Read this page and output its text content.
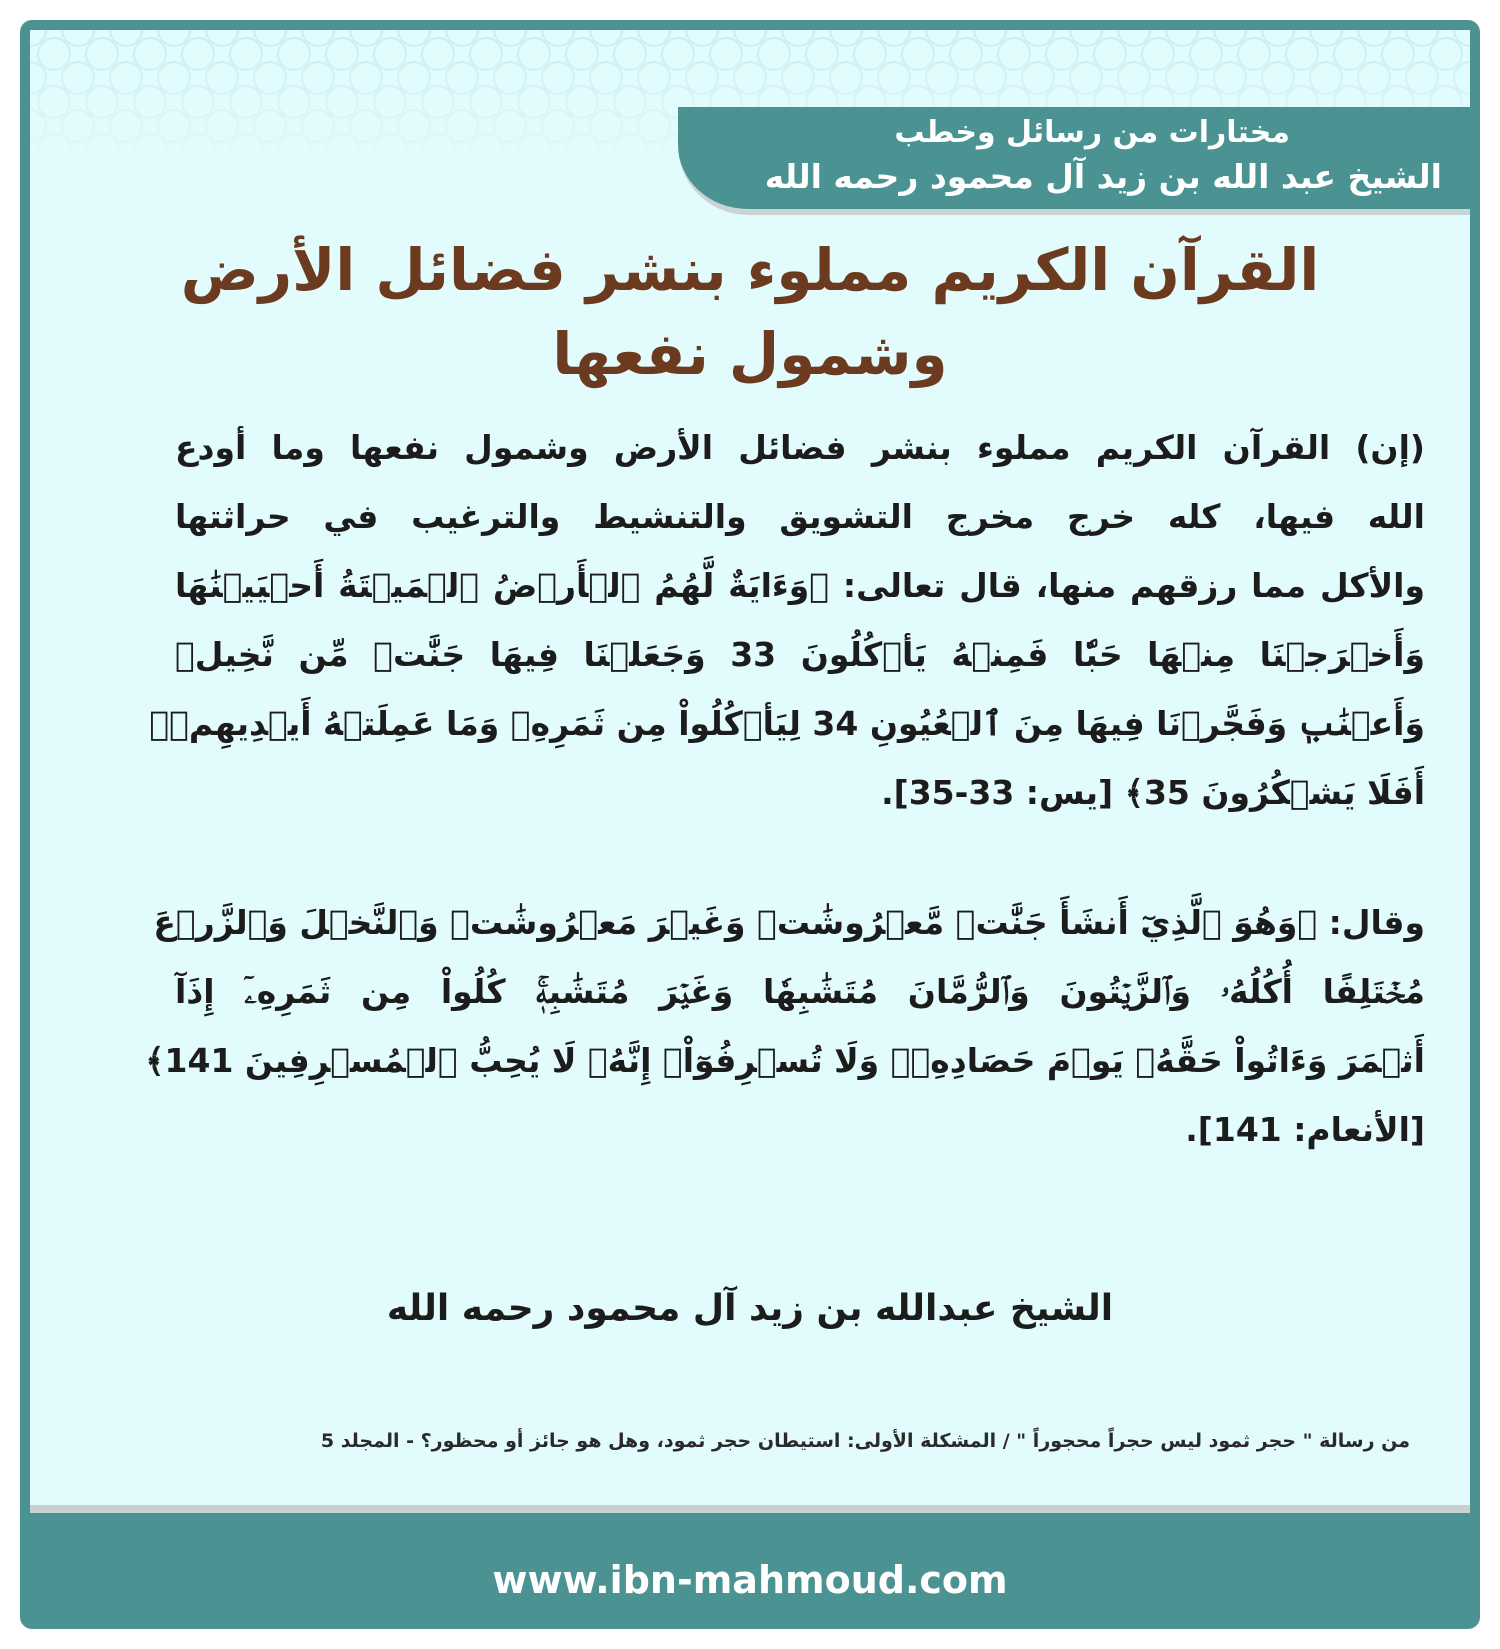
مختارات من رسائل وخطب
الشيخ عبد الله بن زيد آل محمود رحمه الله
القرآن الكريم مملوء بنشر فضائل الأرض
وشمول نفعها
(إن) القرآن الكريم مملوء بنشر فضائل الأرض وشمول نفعها وما أودع
الله فيها، كله خرج مخرج التشويق والتنشيط والترغيب في حراثتها
والأكل مما رزقهم منها، قال تعالى: ﴿وَءَايَةٌ لَّهُمُ ٱلۡأَرۡضُ ٱلۡمَيۡتَةُ أَحۡيَيۡنَٰهَا
وَأَخۡرَجۡنَا مِنۡهَا حَبّٗا فَمِنۡهُ يَأۡكُلُونَ 33 وَجَعَلۡنَا فِيهَا جَنَّٰتٖ مِّن نَّخِيلٖ
وَأَعۡنَٰبٖ وَفَجَّرۡنَا فِيهَا مِنَ ٱلۡعُيُونِ 34 لِيَأۡكُلُواْ مِن ثَمَرِهِۦ وَمَا عَمِلَتۡهُ أَيۡدِيهِمۡۚ
أَفَلَا يَشۡكُرُونَ 35﴾ [يس: 33-35].
وقال: ﴿وَهُوَ ٱلَّذِيٓ أَنشَأَ جَنَّٰتٖ مَّعۡرُوشَٰتٖ وَغَيۡرَ مَعۡرُوشَٰتٖ وَٱلنَّخۡلَ وَٱلزَّرۡعَ
مُخۡتَلِفًا أُكُلُهُۥ وَٱلزَّيۡتُونَ وَٱلرُّمَّانَ مُتَشَٰبِهٗا وَغَيۡرَ مُتَشَٰبِهٖۚ كُلُواْ مِن ثَمَرِهِۦٓ إِذَآ
أَثۡمَرَ وَءَاتُواْ حَقَّهُۥ يَوۡمَ حَصَادِهِۦۖ وَلَا تُسۡرِفُوٓاْۚ إِنَّهُۥ لَا يُحِبُّ ٱلۡمُسۡرِفِينَ 141﴾
[الأنعام: 141].
الشيخ عبدالله بن زيد آل محمود رحمه الله
من رسالة " حجر ثمود ليس حجراً محجوراً " / المشكلة الأولى: استيطان حجر ثمود، وهل هو جائز أو محظور؟ - المجلد 5
www.ibn-mahmoud.com
